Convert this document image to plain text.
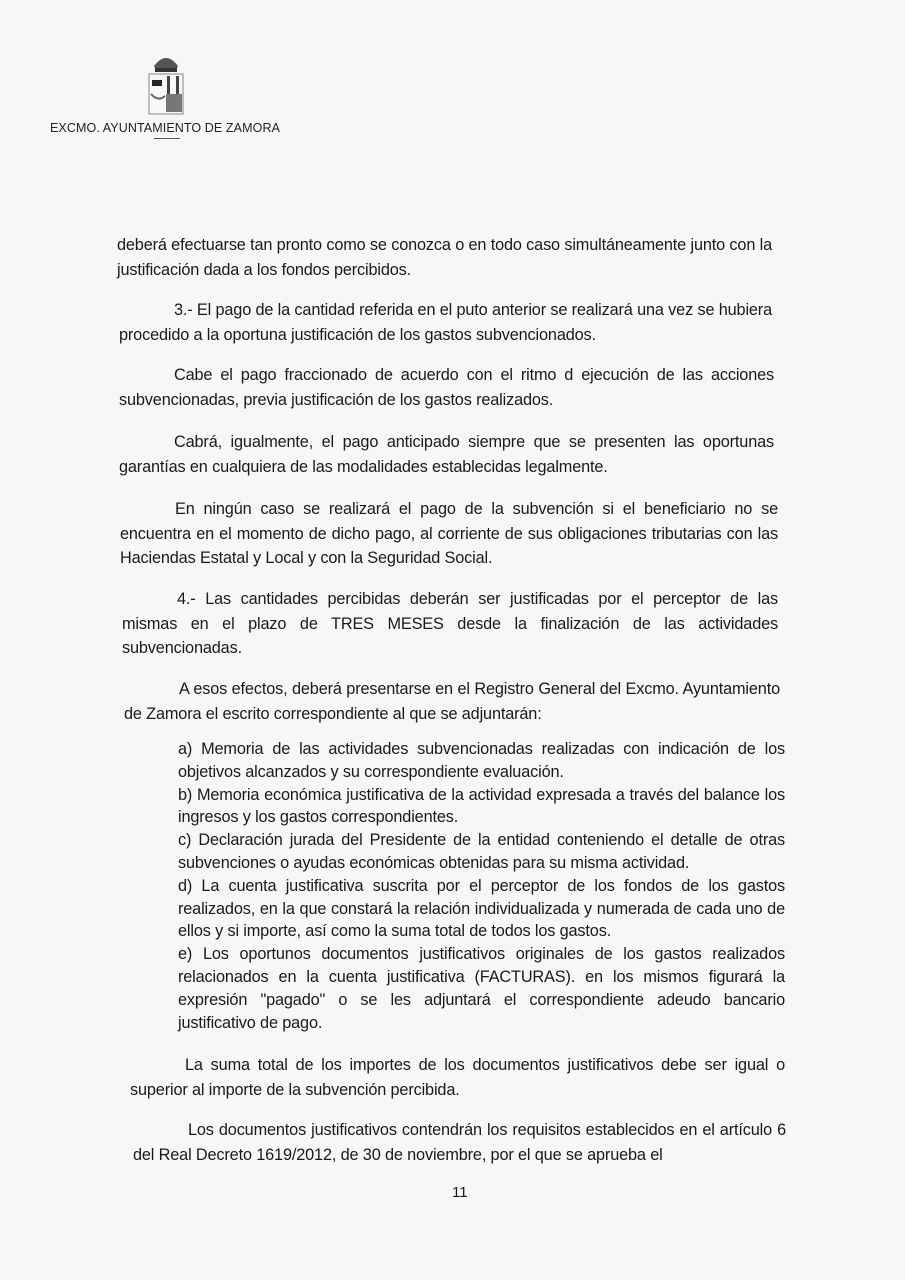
EXCMO. AYUNTAMIENTO DE ZAMORA
deberá efectuarse tan pronto como se conozca o en todo caso simultáneamente junto con la justificación dada a los fondos percibidos.
3.- El pago de la cantidad referida en el puto anterior se realizará una vez se hubiera procedido a la oportuna justificación de los gastos subvencionados.
Cabe el pago fraccionado de acuerdo con el ritmo d ejecución de las acciones subvencionadas, previa justificación de los gastos realizados.
Cabrá, igualmente, el pago anticipado siempre que se presenten las oportunas garantías en cualquiera de las modalidades establecidas legalmente.
En ningún caso se realizará el pago de la subvención si el beneficiario no se encuentra en el momento de dicho pago, al corriente de sus obligaciones tributarias con las Haciendas Estatal y Local y con la Seguridad Social.
4.- Las cantidades percibidas deberán ser justificadas por el perceptor de las mismas en el plazo de TRES MESES desde la finalización de las actividades subvencionadas.
A esos efectos, deberá presentarse en el Registro General del Excmo. Ayuntamiento de Zamora el escrito correspondiente al que se adjuntarán:
a) Memoria de las actividades subvencionadas realizadas con indicación de los objetivos alcanzados y su correspondiente evaluación.
b) Memoria económica justificativa de la actividad expresada a través del balance los ingresos y los gastos correspondientes.
c) Declaración jurada del Presidente de la entidad conteniendo el detalle de otras subvenciones o ayudas económicas obtenidas para su misma actividad.
d) La cuenta justificativa suscrita por el perceptor de los fondos de los gastos realizados, en la que constará la relación individualizada y numerada de cada uno de ellos y si importe, así como la suma total de todos los gastos.
e) Los oportunos documentos justificativos originales de los gastos realizados relacionados en la cuenta justificativa (FACTURAS). en los mismos figurará la expresión "pagado" o se les adjuntará el correspondiente adeudo bancario justificativo de pago.
La suma total de los importes de los documentos justificativos debe ser igual o superior al importe de la subvención percibida.
Los documentos justificativos contendrán los requisitos establecidos en el artículo 6 del Real Decreto 1619/2012, de 30 de noviembre, por el que se aprueba el
11
